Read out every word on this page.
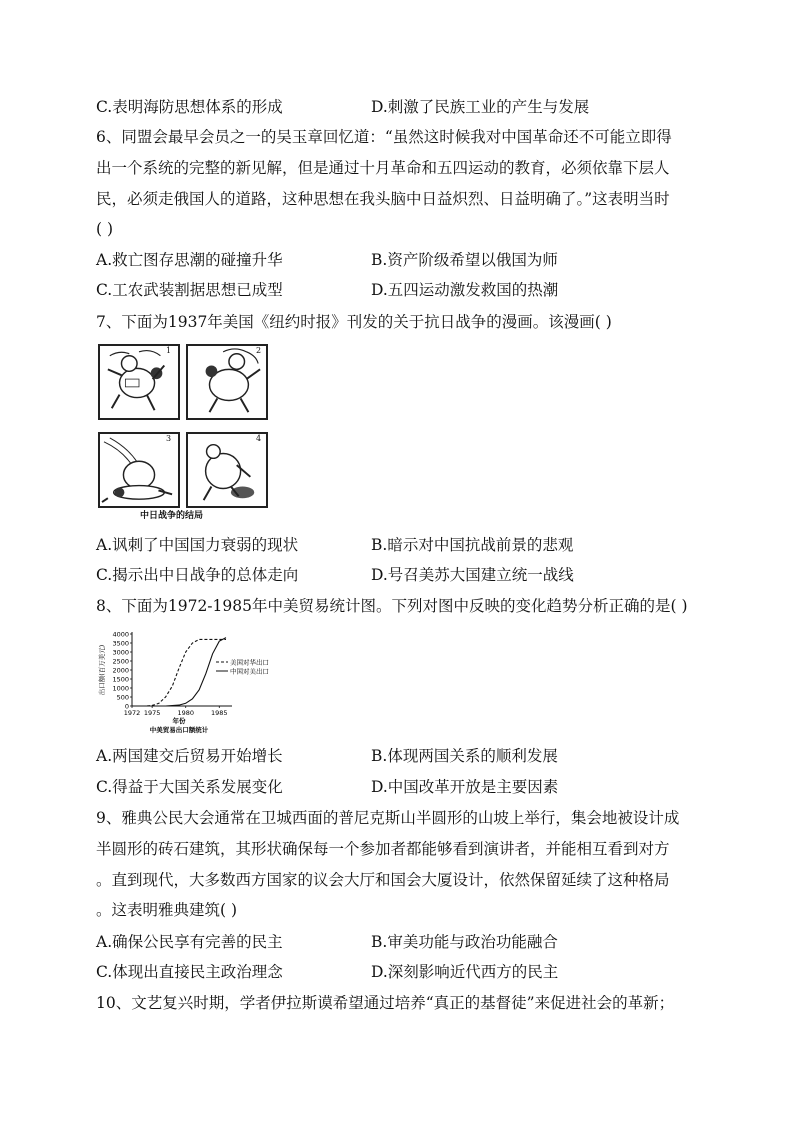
C.表明海防思想体系的形成	D.刺激了民族工业的产生与发展
6、同盟会最早会员之一的吴玉章回忆道：“虽然这时候我对中国革命还不可能立即得
出一个系统的完整的新见解，但是通过十月革命和五四运动的教育，必须依靠下层人
民，必须走俄国人的道路，这种思想在我头脑中日益炽烈、日益明确了。”这表明当时
( )
A.救亡图存思潮的碰撞升华	B.资产阶级希望以俄国为师
C.工农武装割据思想已成型	D.五四运动激发救国的热潮
7、下面为1937年美国《纽约时报》刊发的关于抗日战争的漫画。该漫画( )
1	2
3	4
中日战争的结局
A.讽刺了中国国力衰弱的现状	B.暗示对中国抗战前景的悲观
C.揭示出中日战争的总体走向	D.号召美苏大国建立统一战线
8、下面为1972-1985年中美贸易统计图。下列对图中反映的变化趋势分析正确的是( )
0
500
1000
1500
2000
2500
3000
3500
4000
1972 1975	1980	1985
出口额(百万美元)
年份
中美贸易出口额统计
美国对华出口
中国对美出口
A.两国建交后贸易开始增长	B.体现两国关系的顺利发展
C.得益于大国关系发展变化	D.中国改革开放是主要因素
9、雅典公民大会通常在卫城西面的普尼克斯山半圆形的山坡上举行，集会地被设计成
半圆形的砖石建筑，其形状确保每一个参加者都能够看到演讲者，并能相互看到对方
。直到现代，大多数西方国家的议会大厅和国会大厦设计，依然保留延续了这种格局
。这表明雅典建筑( )
A.确保公民享有完善的民主	B.审美功能与政治功能融合
C.体现出直接民主政治理念	D.深刻影响近代西方的民主
10、文艺复兴时期，学者伊拉斯谟希望通过培养“真正的基督徒”来促进社会的革新；
